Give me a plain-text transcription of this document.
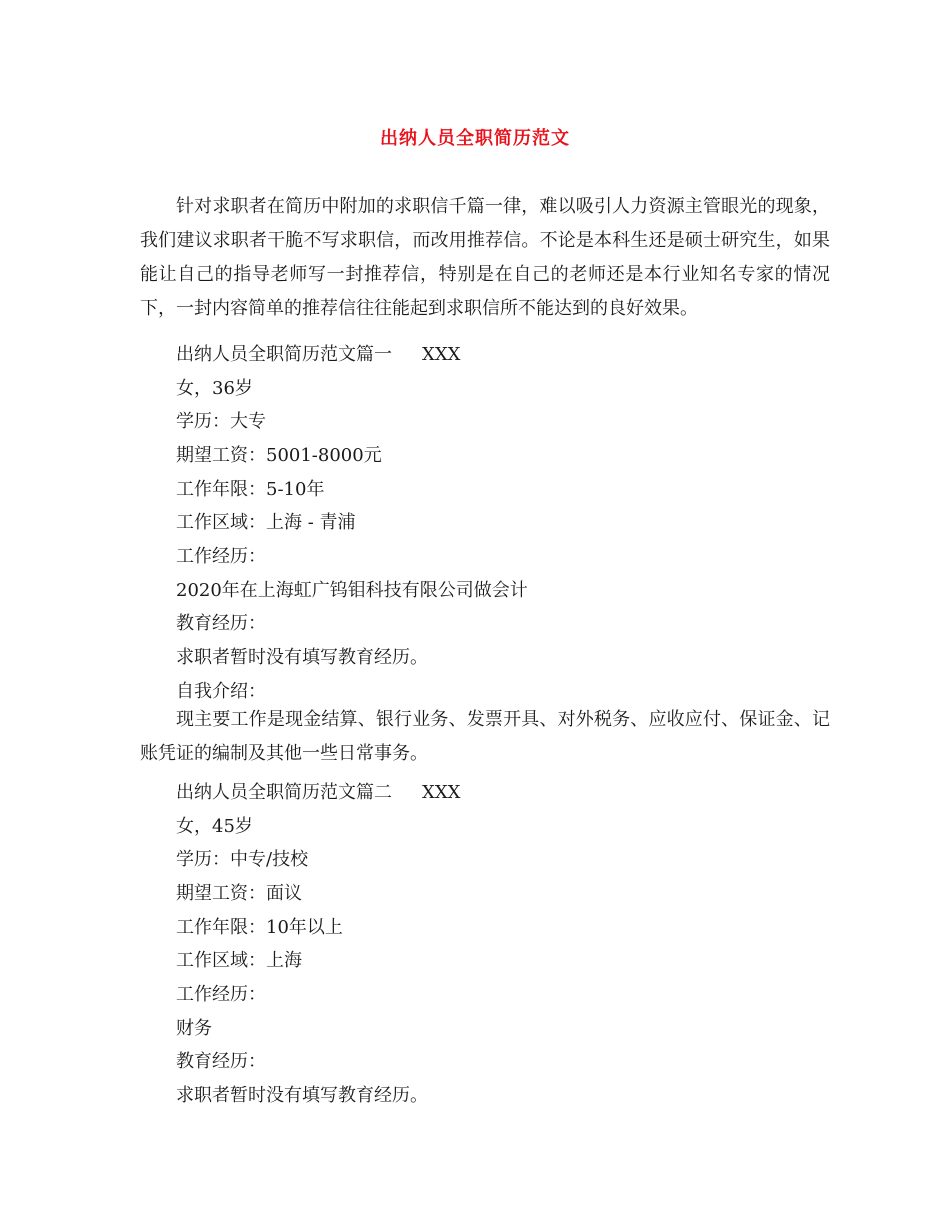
出纳人员全职简历范文
针对求职者在简历中附加的求职信千篇一律，难以吸引人力资源主管眼光的现象，我们建议求职者干脆不写求职信，而改用推荐信。不论是本科生还是硕士研究生，如果能让自己的指导老师写一封推荐信，特别是在自己的老师还是本行业知名专家的情况下，一封内容简单的推荐信往往能起到求职信所不能达到的良好效果。
出纳人员全职简历范文篇一 XXX
女，36岁
学历：大专
期望工资：5001-8000元
工作年限：5-10年
工作区域：上海 - 青浦
工作经历：
2020年在上海虹广钨钼科技有限公司做会计
教育经历：
求职者暂时没有填写教育经历。
自我介绍：
现主要工作是现金结算、银行业务、发票开具、对外税务、应收应付、保证金、记账凭证的编制及其他一些日常事务。
出纳人员全职简历范文篇二 XXX
女，45岁
学历：中专/技校
期望工资：面议
工作年限：10年以上
工作区域：上海
工作经历：
财务
教育经历：
求职者暂时没有填写教育经历。
